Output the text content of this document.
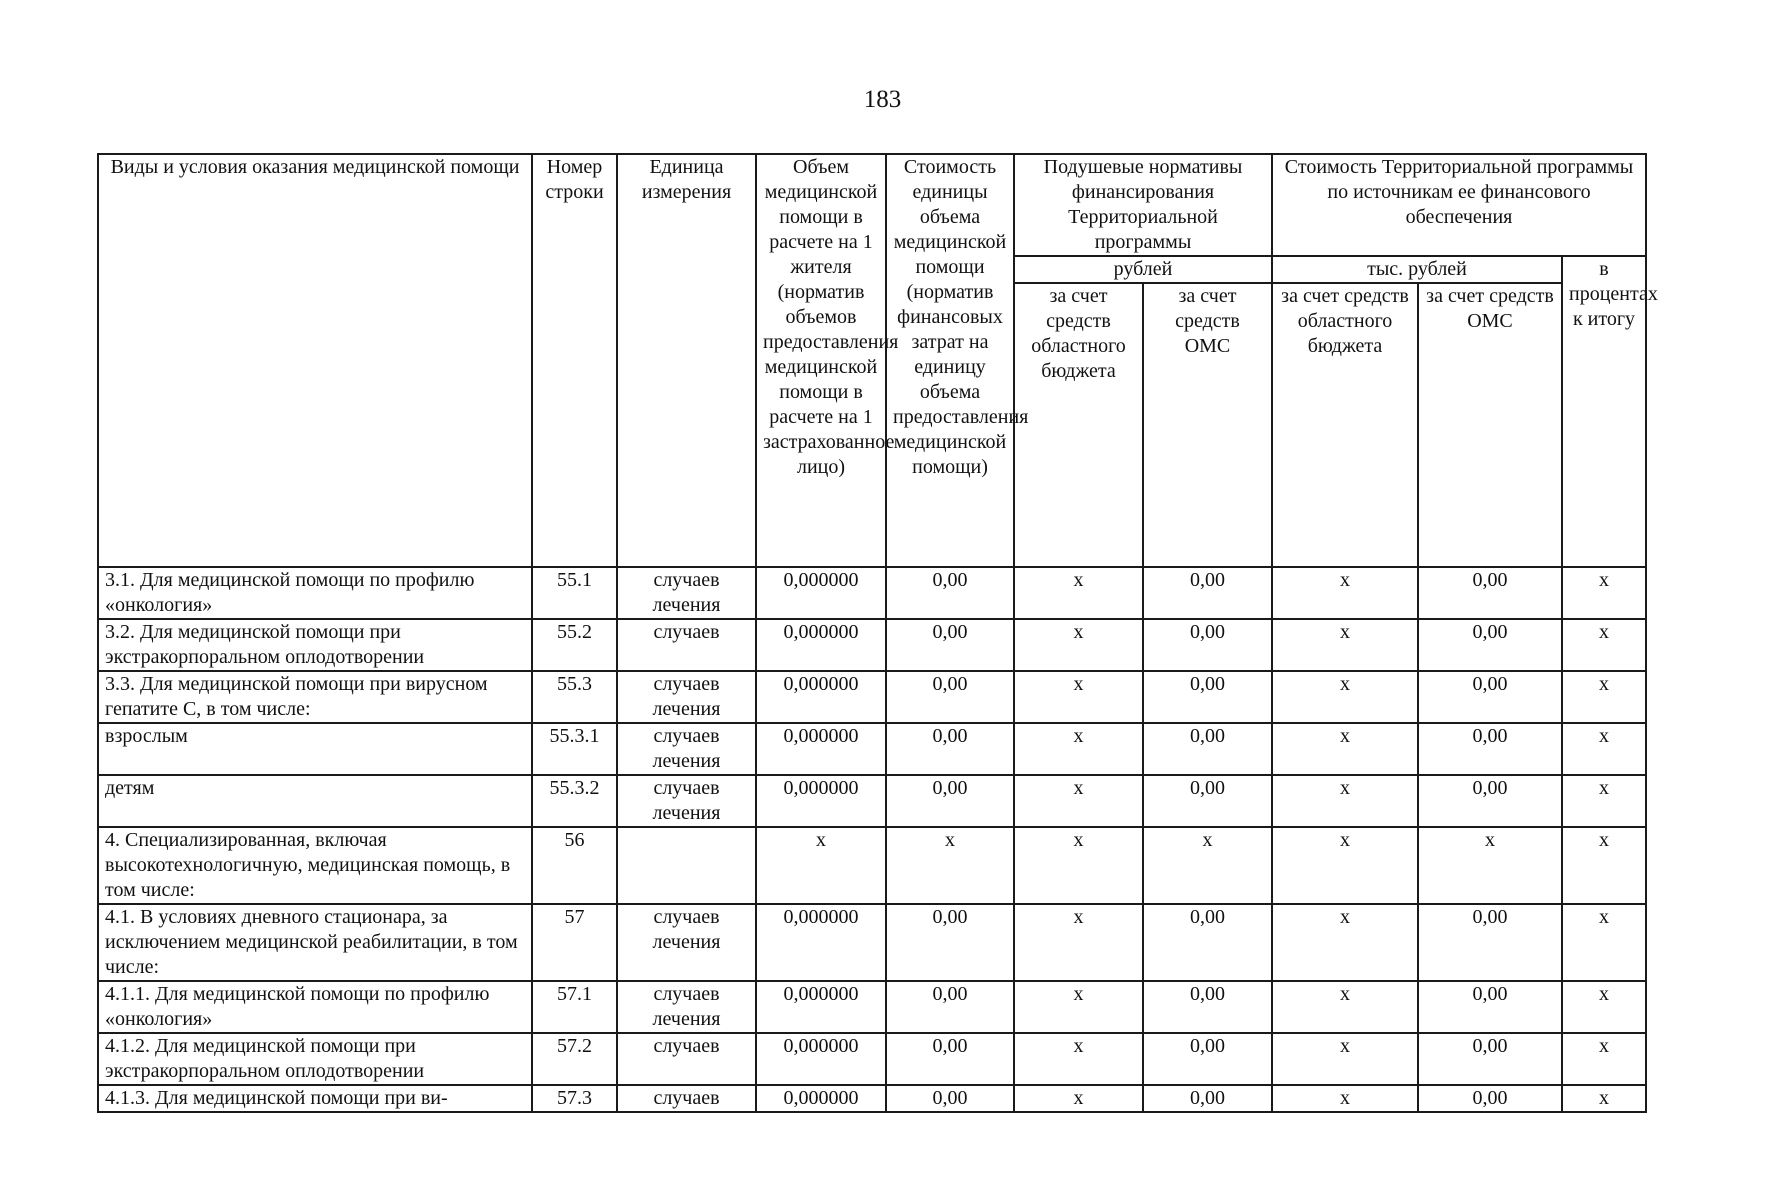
183
Виды и условия оказания медицинской помощи	Номер строки	Единица измерения	Объем медицинской помощи в расчете на 1 жителя (норматив объемов предоставления медицинской помощи в расчете на 1 застрахованное лицо)	Стоимость единицы объема медицинской помощи (норматив финансовых затрат на единицу объема предоставления медицинской помощи)	Подушевые нормативы финансирования Территориальной программы		Стоимость Территориальной программы по источникам ее финансового обеспечения		
					рублей		тыс. рублей		в процентах к итогу
					за счет средств областного бюджета	за счет средств ОМС	за счет средств областного бюджета	за счет средств ОМС	
3.1. Для медицинской помощи по профилю «онкология»	55.1	случаев лечения	0,000000	0,00	х	0,00	х	0,00	х
3.2. Для медицинской помощи при экстракорпоральном оплодотворении	55.2	случаев	0,000000	0,00	х	0,00	х	0,00	х
3.3. Для медицинской помощи при вирусном гепатите С, в том числе:	55.3	случаев лечения	0,000000	0,00	х	0,00	х	0,00	х
взрослым	55.3.1	случаев лечения	0,000000	0,00	х	0,00	х	0,00	х
детям	55.3.2	случаев лечения	0,000000	0,00	х	0,00	х	0,00	х
4. Специализированная, включая высокотехнологичную, медицинская помощь, в том числе:	56		х	х	х	х	х	х	х
4.1. В условиях дневного стационара, за исключением медицинской реабилитации, в том числе:	57	случаев лечения	0,000000	0,00	х	0,00	х	0,00	х
4.1.1. Для медицинской помощи по профилю «онкология»	57.1	случаев лечения	0,000000	0,00	х	0,00	х	0,00	х
4.1.2. Для медицинской помощи при экстракорпоральном оплодотворении	57.2	случаев	0,000000	0,00	х	0,00	х	0,00	х
4.1.3. Для медицинской помощи при ви-	57.3	случаев	0,000000	0,00	х	0,00	х	0,00	х
